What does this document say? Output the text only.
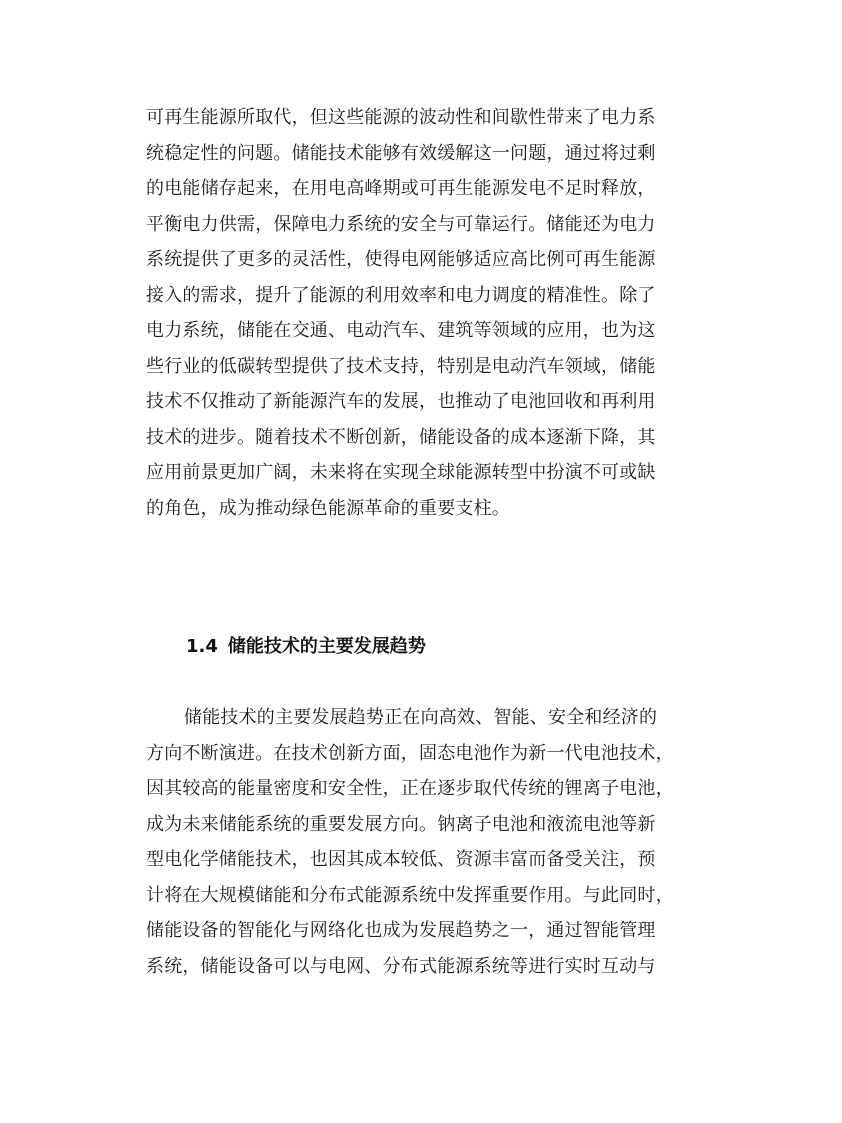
可再生能源所取代，但这些能源的波动性和间歇性带来了电力系
统稳定性的问题。储能技术能够有效缓解这一问题，通过将过剩
的电能储存起来，在用电高峰期或可再生能源发电不足时释放，
平衡电力供需，保障电力系统的安全与可靠运行。储能还为电力
系统提供了更多的灵活性，使得电网能够适应高比例可再生能源
接入的需求，提升了能源的利用效率和电力调度的精准性。除了
电力系统，储能在交通、电动汽车、建筑等领域的应用，也为这
些行业的低碳转型提供了技术支持，特别是电动汽车领域，储能
技术不仅推动了新能源汽车的发展，也推动了电池回收和再利用
技术的进步。随着技术不断创新，储能设备的成本逐渐下降，其
应用前景更加广阔，未来将在实现全球能源转型中扮演不可或缺
的角色，成为推动绿色能源革命的重要支柱。
1.4 储能技术的主要发展趋势
储能技术的主要发展趋势正在向高效、智能、安全和经济的
方向不断演进。在技术创新方面，固态电池作为新一代电池技术，
因其较高的能量密度和安全性，正在逐步取代传统的锂离子电池，
成为未来储能系统的重要发展方向。钠离子电池和液流电池等新
型电化学储能技术，也因其成本较低、资源丰富而备受关注，预
计将在大规模储能和分布式能源系统中发挥重要作用。与此同时，
储能设备的智能化与网络化也成为发展趋势之一，通过智能管理
系统，储能设备可以与电网、分布式能源系统等进行实时互动与
